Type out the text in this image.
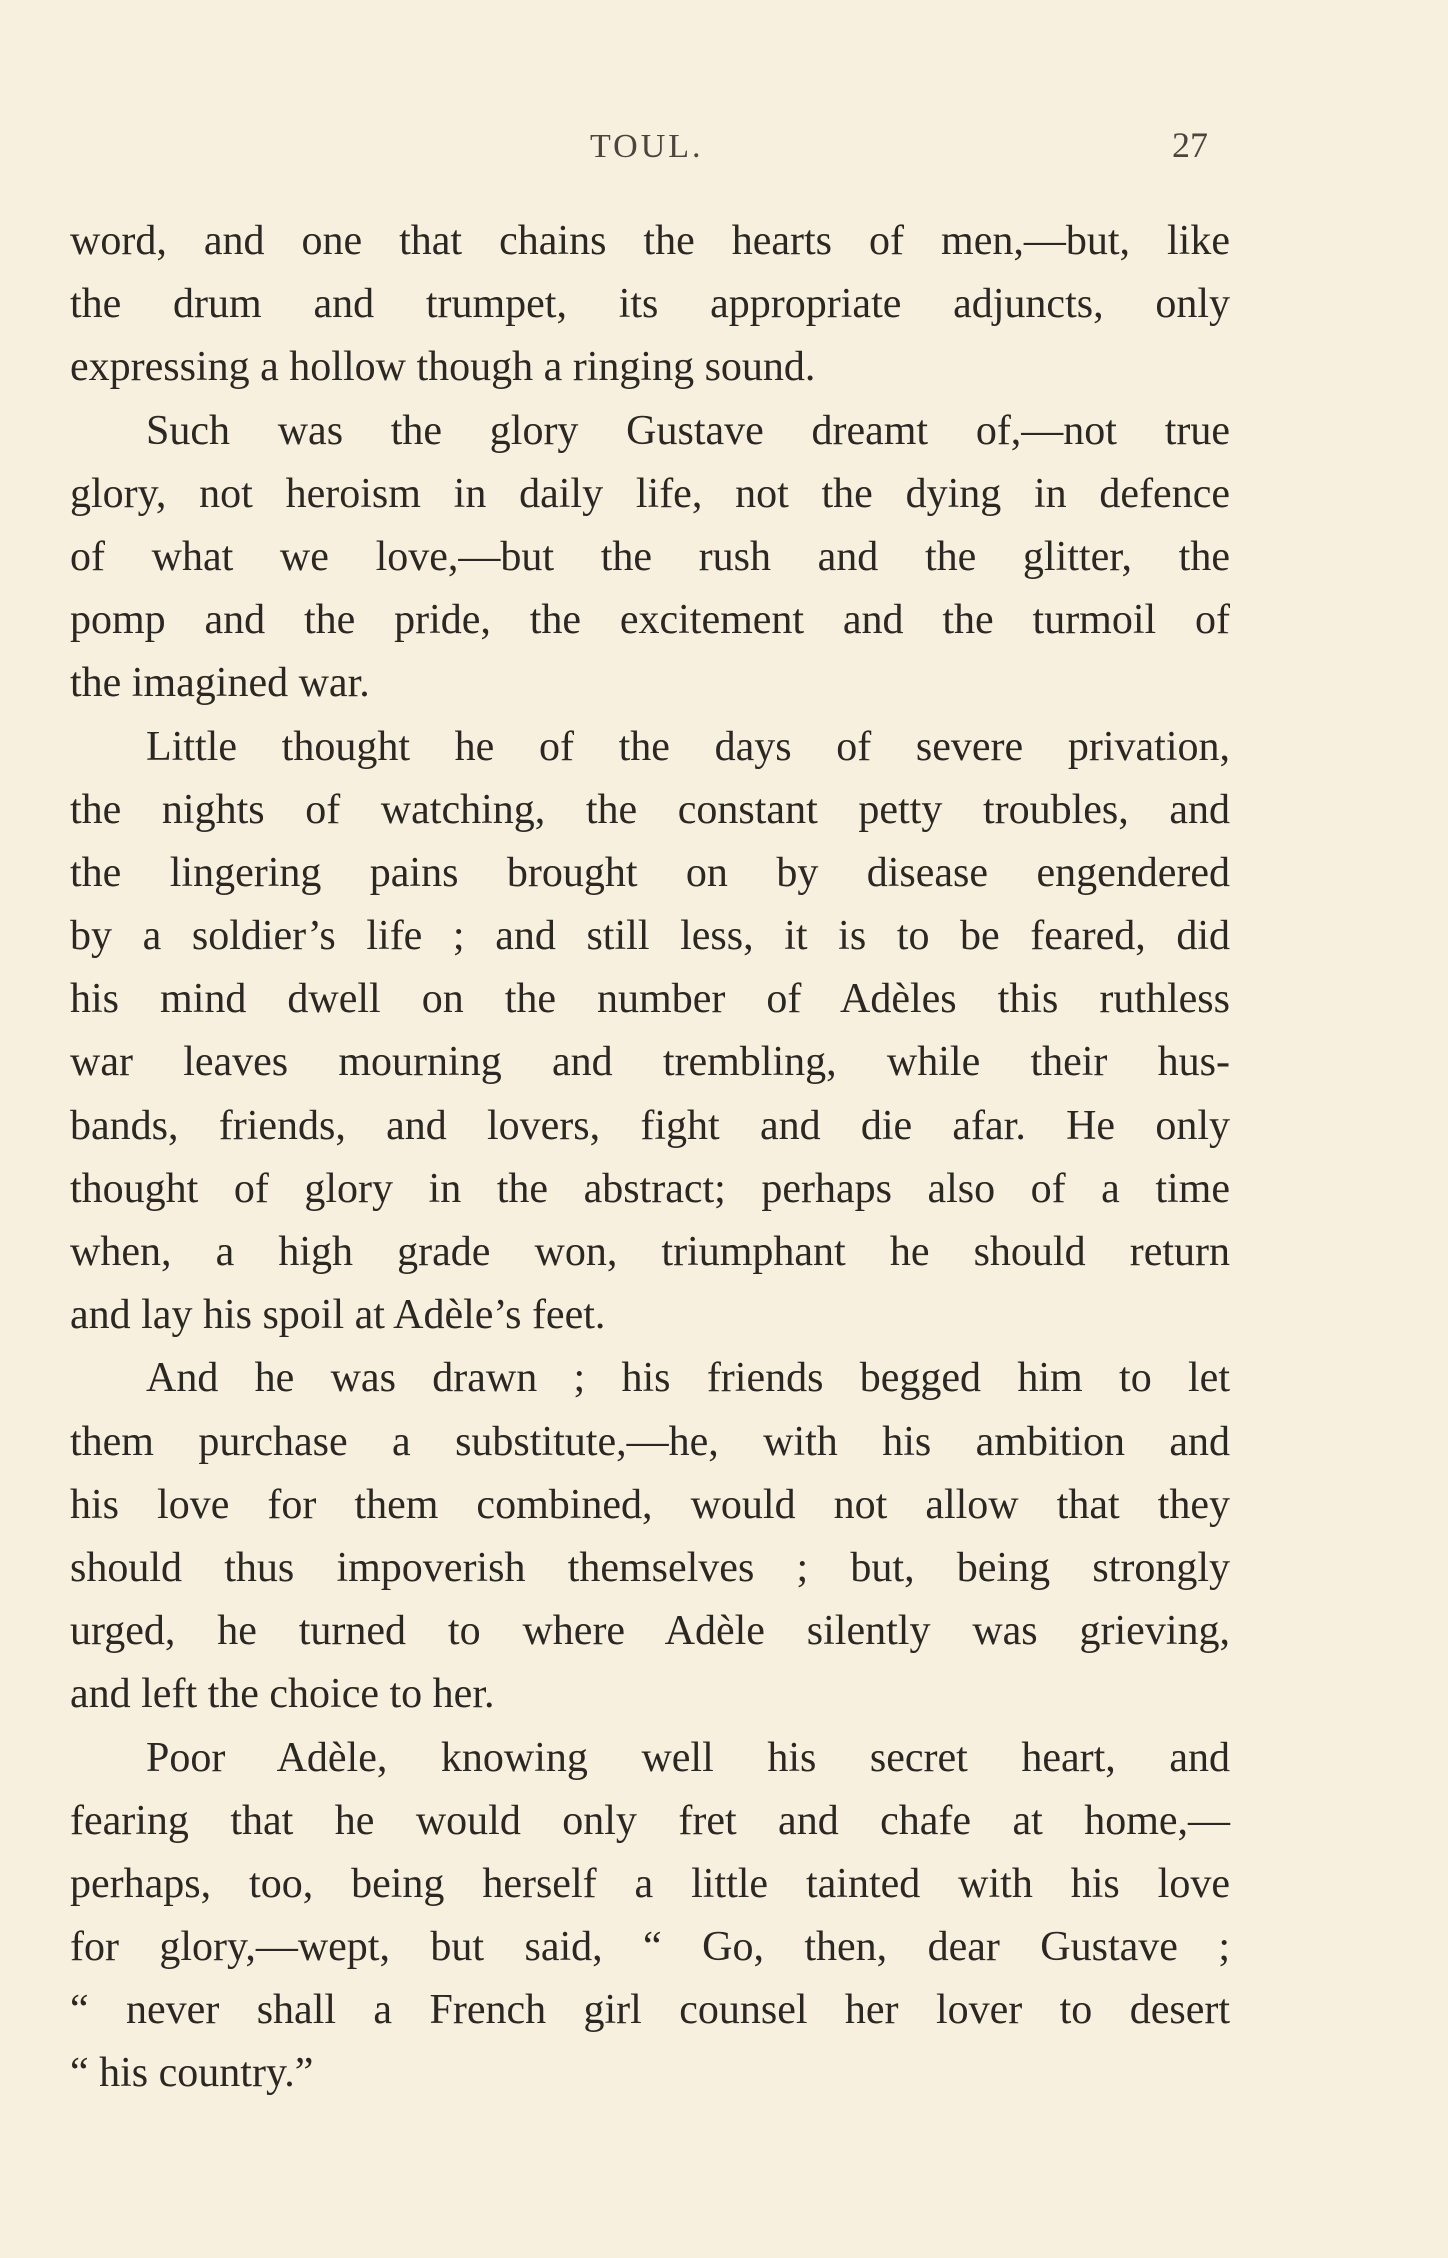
TOUL.	27
word, and one that chains the hearts of men,—but, like
the drum and trumpet, its appropriate adjuncts, only
expressing a hollow though a ringing sound.
Such was the glory Gustave dreamt of,—not true
glory, not heroism in daily life, not the dying in defence
of what we love,—but the rush and the glitter, the
pomp and the pride, the excitement and the turmoil of
the imagined war.
Little thought he of the days of severe privation,
the nights of watching, the constant petty troubles, and
the lingering pains brought on by disease engendered
by a soldier’s life ; and still less, it is to be feared, did
his mind dwell on the number of Adèles this ruthless
war leaves mourning and trembling, while their hus-
bands, friends, and lovers, fight and die afar. He only
thought of glory in the abstract; perhaps also of a time
when, a high grade won, triumphant he should return
and lay his spoil at Adèle’s feet.
And he was drawn ; his friends begged him to let
them purchase a substitute,—he, with his ambition and
his love for them combined, would not allow that they
should thus impoverish themselves ; but, being strongly
urged, he turned to where Adèle silently was grieving,
and left the choice to her.
Poor Adèle, knowing well his secret heart, and
fearing that he would only fret and chafe at home,—
perhaps, too, being herself a little tainted with his love
for glory,—wept, but said, “ Go, then, dear Gustave ;
“ never shall a French girl counsel her lover to desert
“ his country.”
